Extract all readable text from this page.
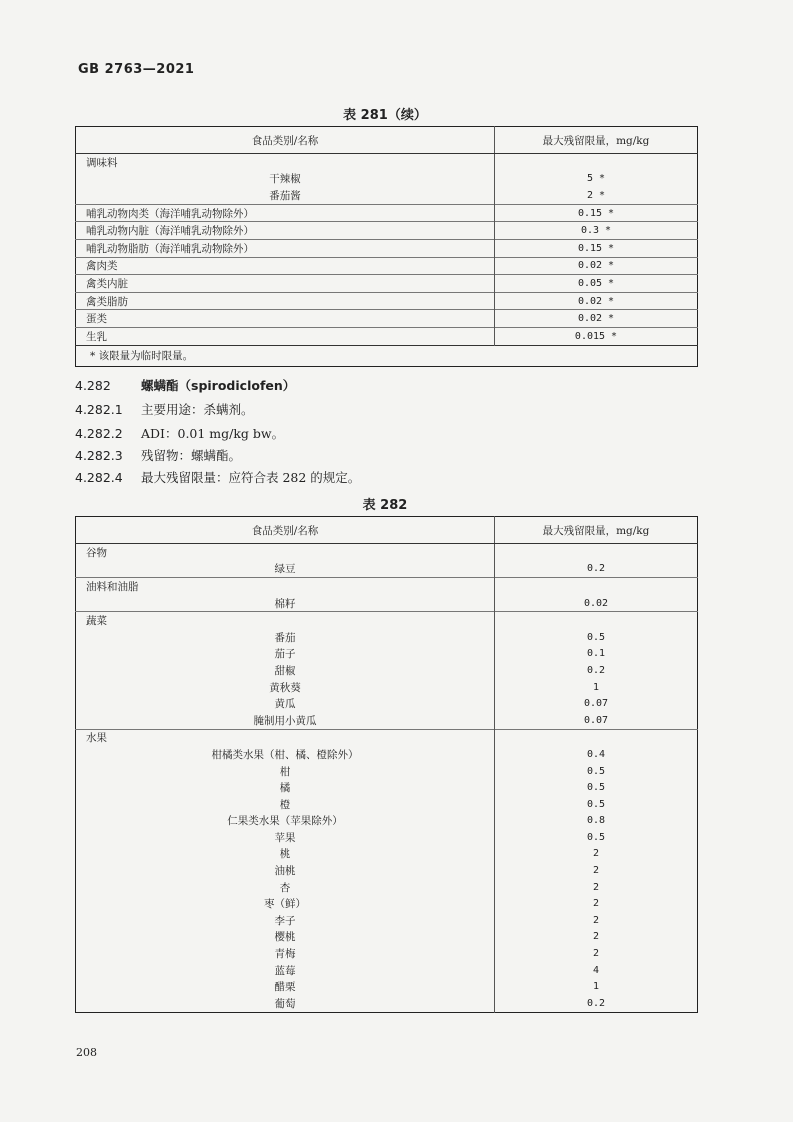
GB 2763—2021
表 281（续）
食品类别/名称	最大残留限量，mg/kg
调味料	
干辣椒	5 *
番茄酱	2 *
哺乳动物肉类（海洋哺乳动物除外）	0.15 *
哺乳动物内脏（海洋哺乳动物除外）	0.3 *
哺乳动物脂肪（海洋哺乳动物除外）	0.15 *
禽肉类	0.02 *
禽类内脏	0.05 *
禽类脂肪	0.02 *
蛋类	0.02 *
生乳	0.015 *
* 该限量为临时限量。	
4.282 螺螨酯（spirodiclofen）
4.282.1 主要用途：杀螨剂。
4.282.2 ADI：0.01 mg/kg bw。
4.282.3 残留物：螺螨酯。
4.282.4 最大残留限量：应符合表 282 的规定。
表 282
食品类别/名称	最大残留限量，mg/kg
谷物	
绿豆	0.2
油料和油脂	
棉籽	0.02
蔬菜	
番茄	0.5
茄子	0.1
甜椒	0.2
黄秋葵	1
黄瓜	0.07
腌制用小黄瓜	0.07
水果	
柑橘类水果（柑、橘、橙除外）	0.4
柑	0.5
橘	0.5
橙	0.5
仁果类水果（苹果除外）	0.8
苹果	0.5
桃	2
油桃	2
杏	2
枣（鲜）	2
李子	2
樱桃	2
青梅	2
蓝莓	4
醋栗	1
葡萄	0.2
208
